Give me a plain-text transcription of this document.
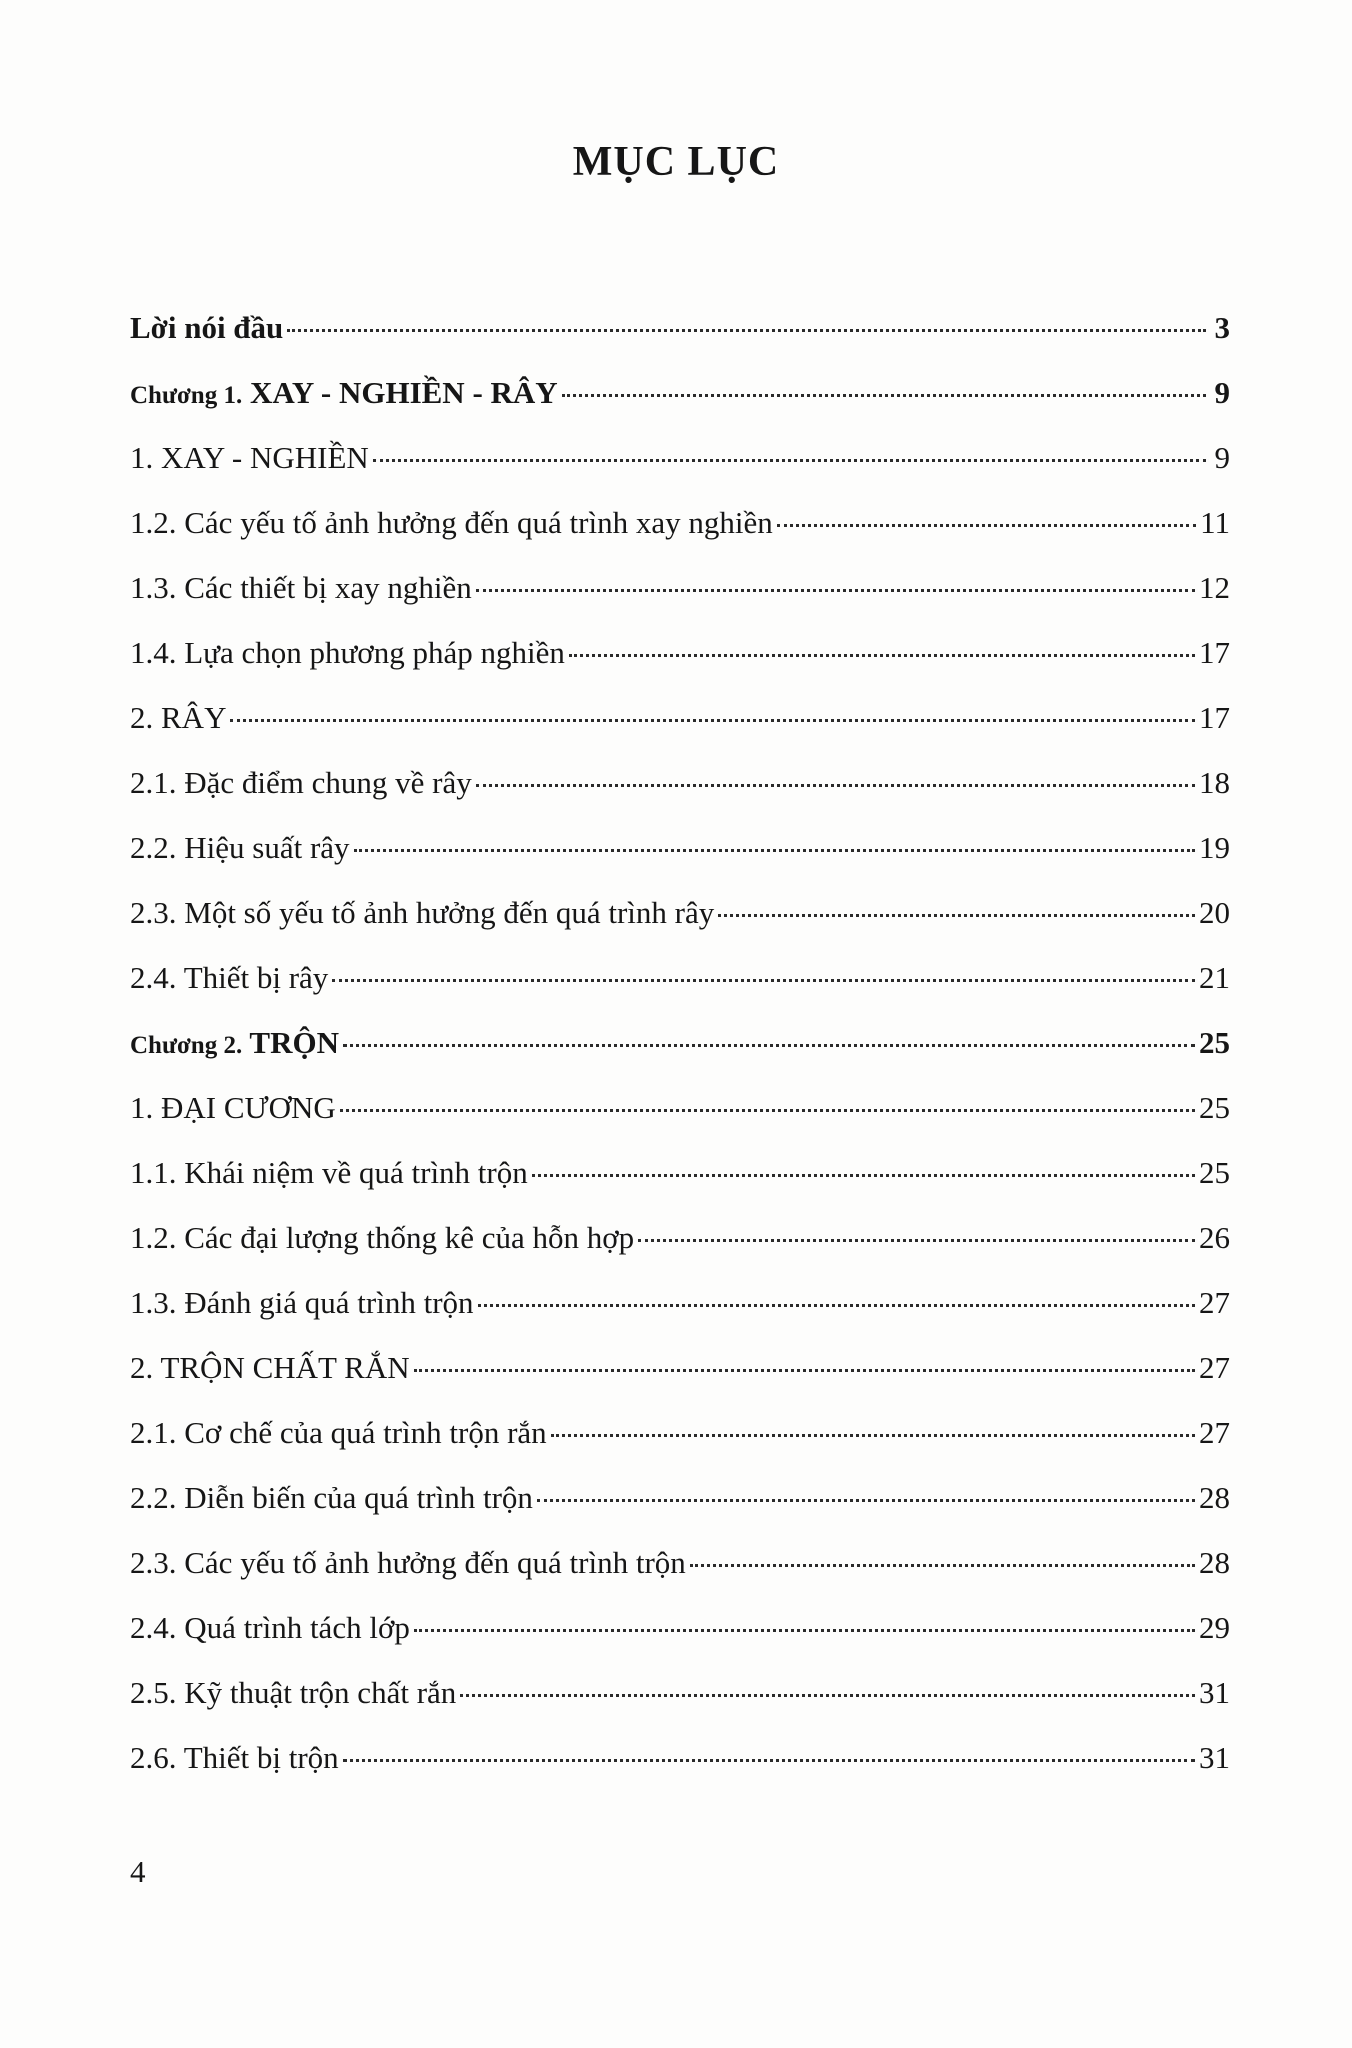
MỤC LỤC
Lời nói đầu	3
Chương 1. XAY - NGHIỀN - RÂY	9
1. XAY - NGHIỀN	9
1.2. Các yếu tố ảnh hưởng đến quá trình xay nghiền	11
1.3. Các thiết bị xay nghiền	12
1.4. Lựa chọn phương pháp nghiền	17
2. RÂY	17
2.1. Đặc điểm chung về rây	18
2.2. Hiệu suất rây	19
2.3. Một số yếu tố ảnh hưởng đến quá trình rây	20
2.4. Thiết bị rây	21
Chương 2. TRỘN	25
1. ĐẠI CƯƠNG	25
1.1. Khái niệm về quá trình trộn	25
1.2. Các đại lượng thống kê của hỗn hợp	26
1.3. Đánh giá quá trình trộn	27
2. TRỘN CHẤT RẮN	27
2.1. Cơ chế của quá trình trộn rắn	27
2.2. Diễn biến của quá trình trộn	28
2.3. Các yếu tố ảnh hưởng đến quá trình trộn	28
2.4. Quá trình tách lớp	29
2.5. Kỹ thuật trộn chất rắn	31
2.6. Thiết bị trộn	31
4
